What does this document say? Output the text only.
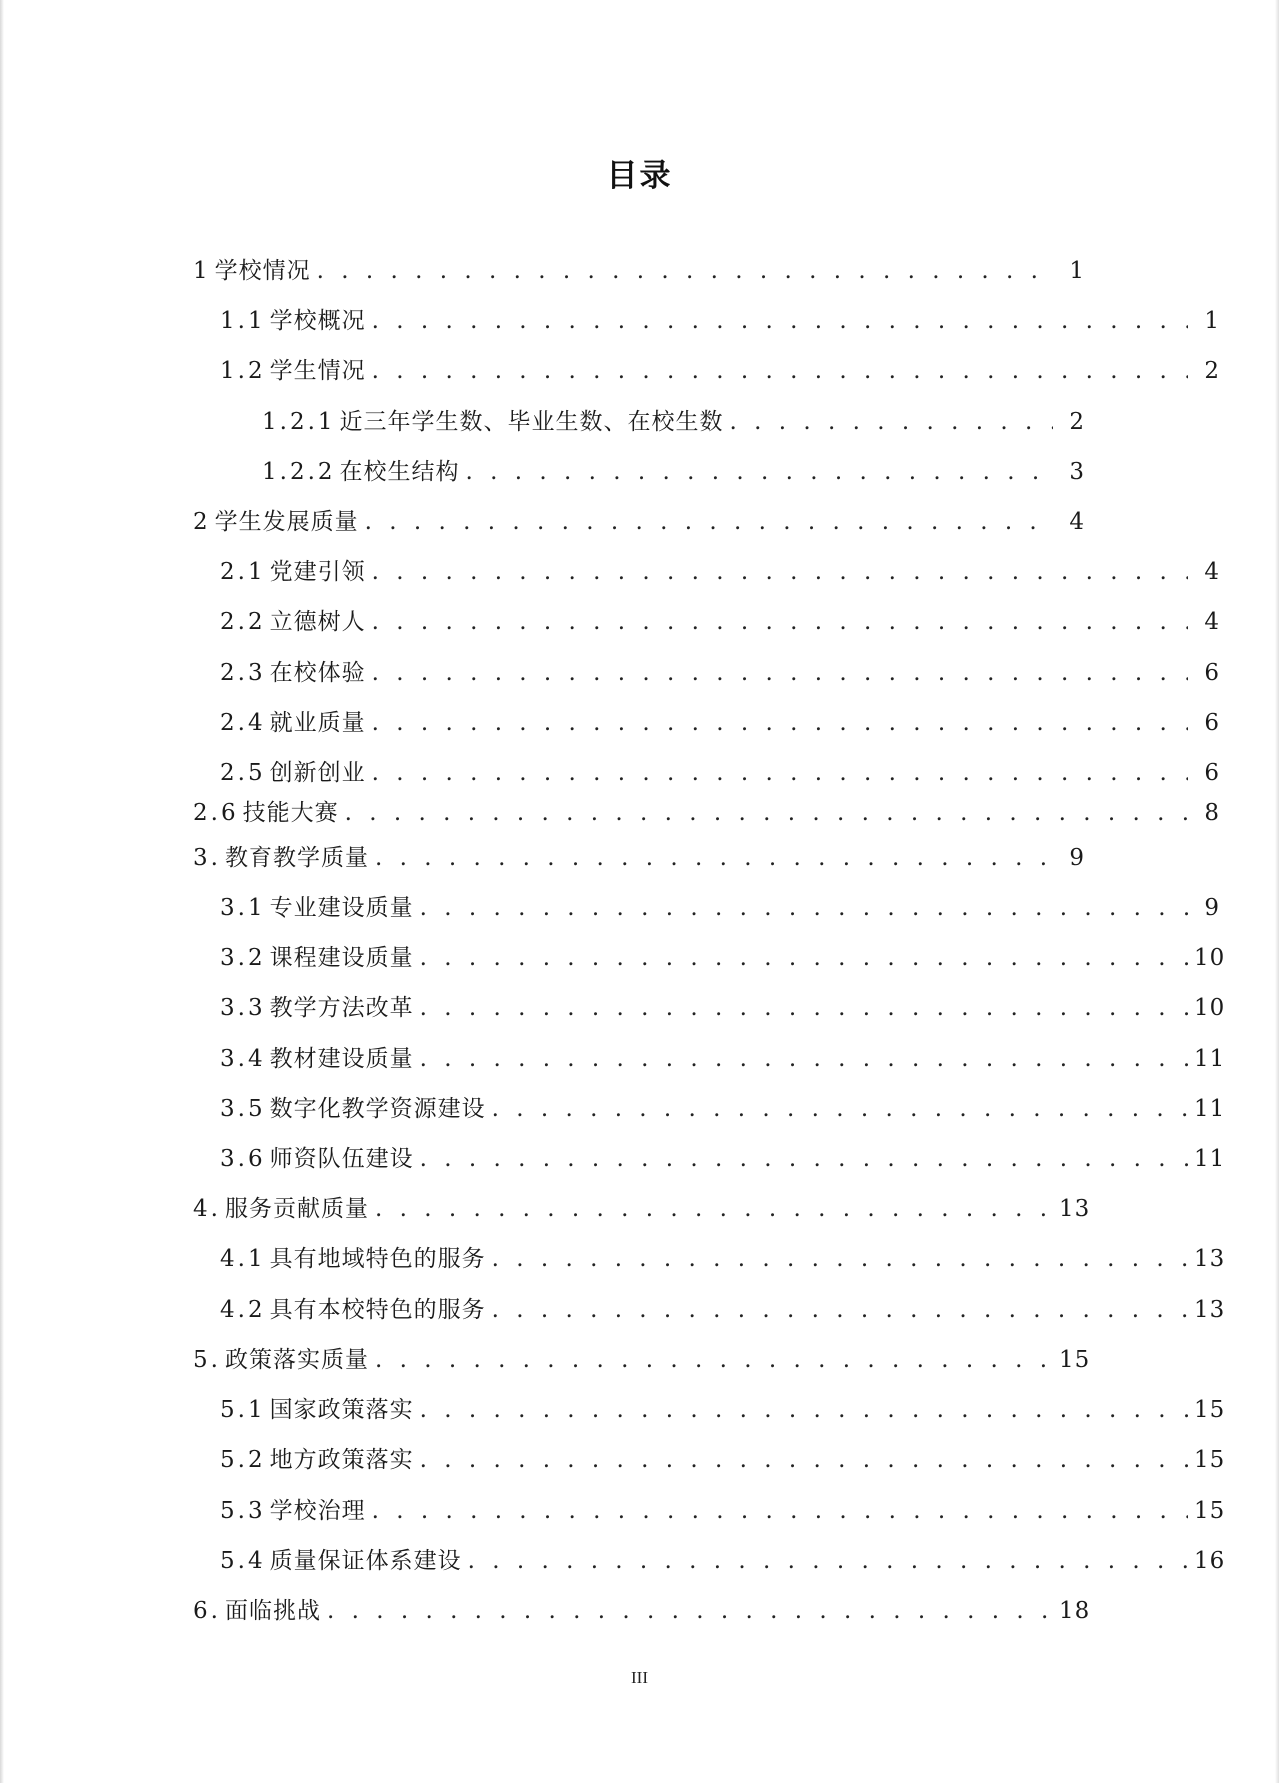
目录
1 学校情况 . . .	1
1.1 学校概况 . . .	1
1.2 学生情况 . . .	2
1.2.1 近三年学生数、毕业生数、在校生数 . . .	2
1.2.2 在校生结构 . . .	3
2 学生发展质量 . . .	4
2.1 党建引领 . . .	4
2.2 立德树人 . . .	4
2.3 在校体验 . . .	6
2.4 就业质量 . . .	6
2.5 创新创业 . . .	6
2.6 技能大赛 . . .	8
3. 教育教学质量 . . .	9
3.1 专业建设质量 . . .	9
3.2 课程建设质量 . . .	10
3.3 教学方法改革 . . .	10
3.4 教材建设质量 . . .	11
3.5 数字化教学资源建设 . . .	11
3.6 师资队伍建设 . . .	11
4. 服务贡献质量 . . .	13
4.1 具有地域特色的服务 . . .	13
4.2 具有本校特色的服务 . . .	13
5. 政策落实质量 . . .	15
5.1 国家政策落实 . . .	15
5.2 地方政策落实 . . .	15
5.3 学校治理 . . .	15
5.4 质量保证体系建设 . . .	16
6. 面临挑战 . . .	18
III
